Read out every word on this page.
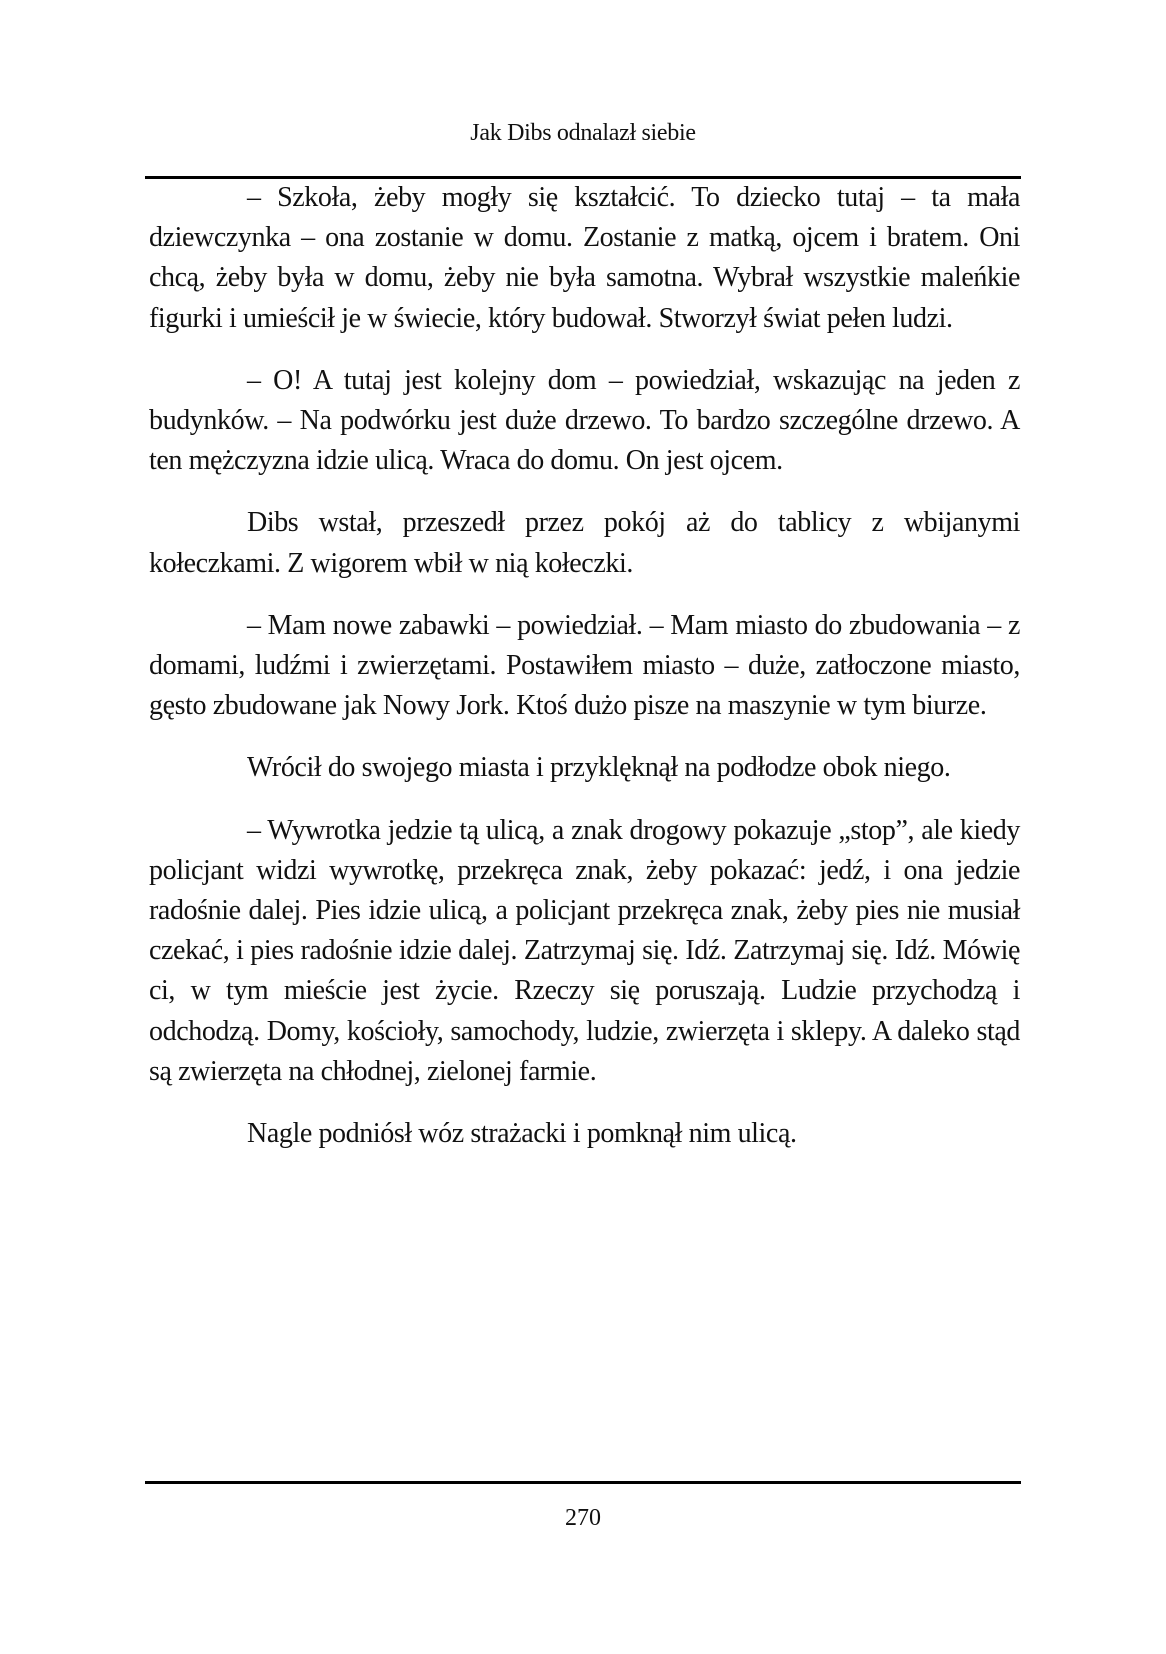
Jak Dibs odnalazł siebie

– Szkoła, żeby mogły się kształcić. To dziecko tutaj – ta mała dziewczynka – ona zostanie w domu. Zostanie z matką, ojcem i bratem. Oni chcą, żeby była w domu, żeby nie była samotna. Wybrał wszystkie maleńkie figurki i umieścił je w świecie, który budował. Stworzył świat pełen ludzi.

– O! A tutaj jest kolejny dom – powiedział, wskazując na jeden z budynków. – Na podwórku jest duże drzewo. To bardzo szczególne drzewo. A ten mężczyzna idzie ulicą. Wraca do domu. On jest ojcem.

Dibs wstał, przeszedł przez pokój aż do tablicy z wbijanymi kołeczkami. Z wigorem wbił w nią kołeczki.

– Mam nowe zabawki – powiedział. – Mam miasto do zbudowania – z domami, ludźmi i zwierzętami. Postawiłem miasto – duże, zatłoczone miasto, gęsto zbudowane jak Nowy Jork. Ktoś dużo pisze na maszynie w tym biurze.

Wrócił do swojego miasta i przyklęknął na podłodze obok niego.

– Wywrotka jedzie tą ulicą, a znak drogowy pokazuje „stop”, ale kiedy policjant widzi wywrotkę, przekręca znak, żeby pokazać: jedź, i ona jedzie radośnie dalej. Pies idzie ulicą, a policjant przekręca znak, żeby pies nie musiał czekać, i pies radośnie idzie dalej. Zatrzymaj się. Idź. Zatrzymaj się. Idź. Mówię ci, w tym mieście jest życie. Rzeczy się poruszają. Ludzie przychodzą i odchodzą. Domy, kościoły, samochody, ludzie, zwierzęta i sklepy. A daleko stąd są zwierzęta na chłodnej, zielonej farmie.

Nagle podniósł wóz strażacki i pomknął nim ulicą.

270
